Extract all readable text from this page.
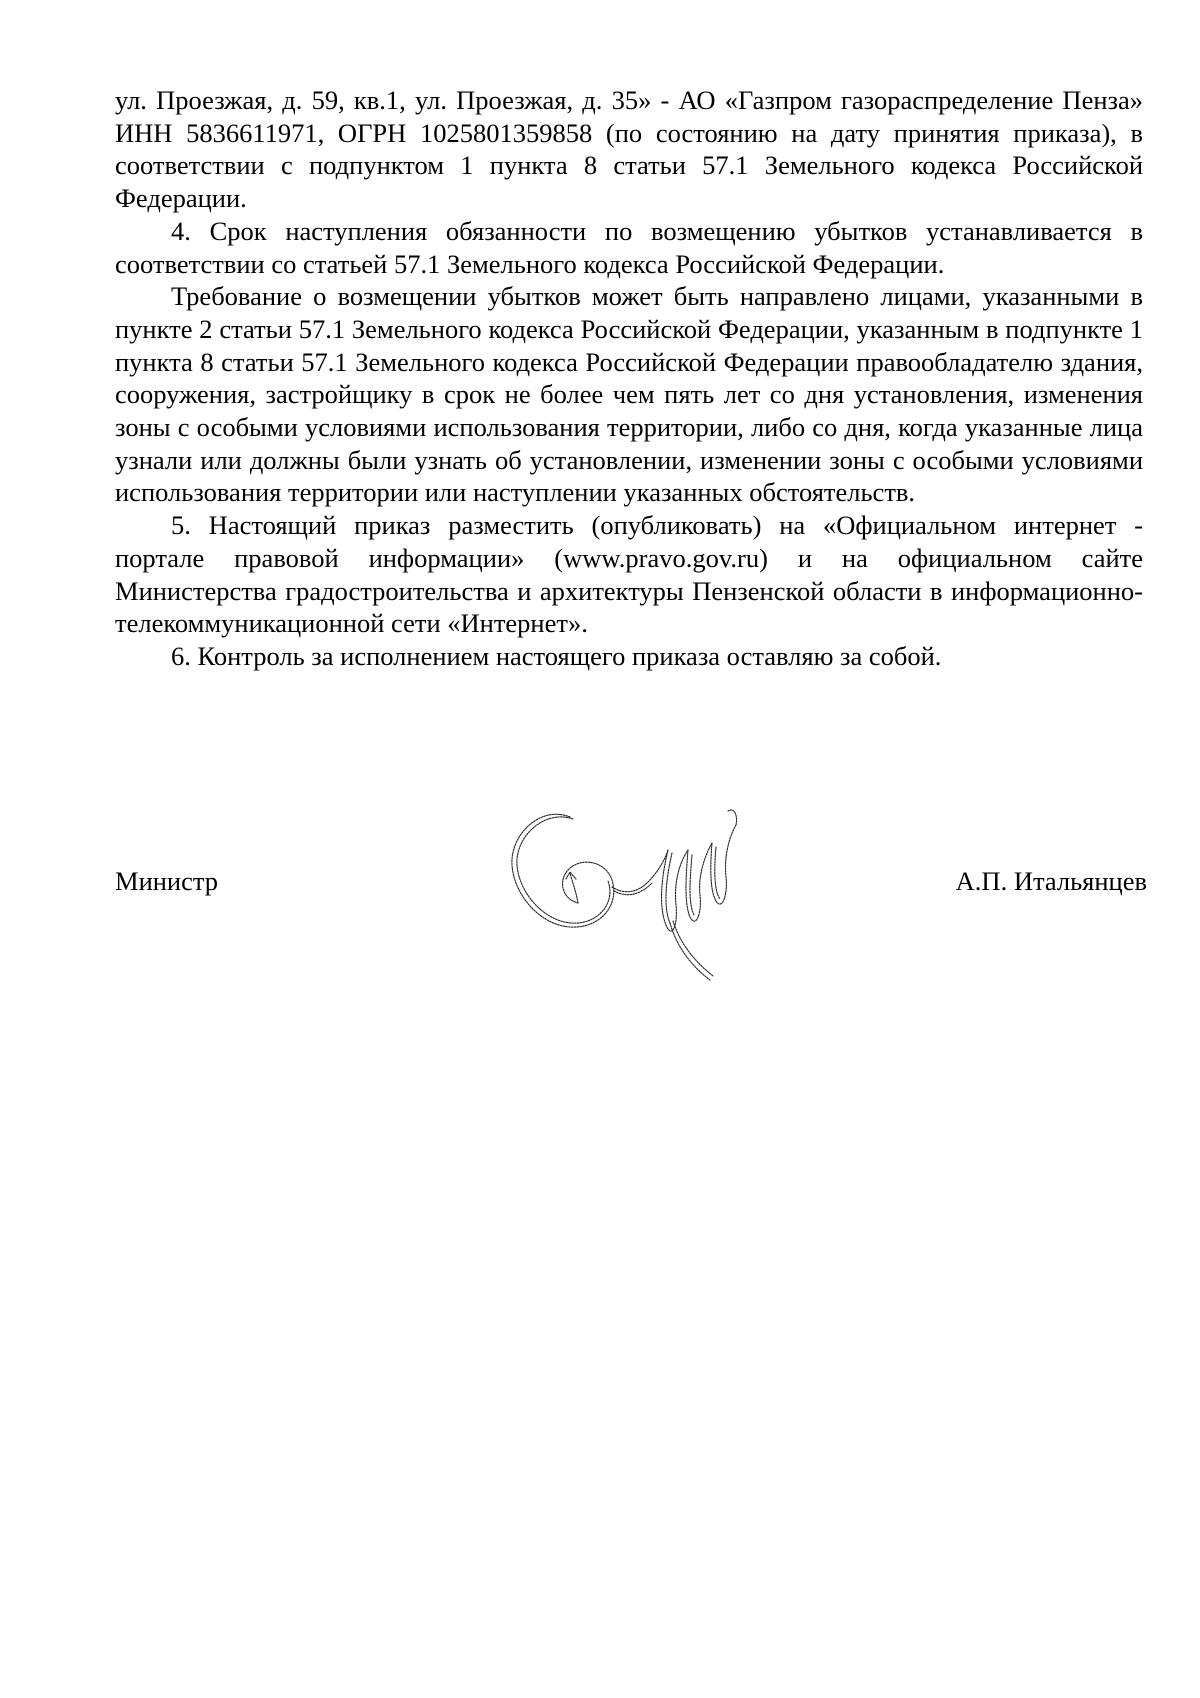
ул. Проезжая, д. 59, кв.1, ул. Проезжая, д. 35» - АО «Газпром газораспределение Пенза» ИНН 5836611971, ОГРН 1025801359858 (по состоянию на дату принятия приказа), в соответствии с подпунктом 1 пункта 8 статьи 57.1 Земельного кодекса Российской Федерации.

4. Срок наступления обязанности по возмещению убытков устанавливается в соответствии со статьей 57.1 Земельного кодекса Российской Федерации.

Требование о возмещении убытков может быть направлено лицами, указанными в пункте 2 статьи 57.1 Земельного кодекса Российской Федерации, указанным в подпункте 1 пункта 8 статьи 57.1 Земельного кодекса Российской Федерации правообладателю здания, сооружения, застройщику в срок не более чем пять лет со дня установления, изменения зоны с особыми условиями использования территории, либо со дня, когда указанные лица узнали или должны были узнать об установлении, изменении зоны с особыми условиями использования территории или наступлении указанных обстоятельств.

5. Настоящий приказ разместить (опубликовать) на «Официальном интернет - портале правовой информации» (www.pravo.gov.ru) и на официальном сайте Министерства градостроительства и архитектуры Пензенской области в информационно-телекоммуникационной сети «Интернет».

6. Контроль за исполнением настоящего приказа оставляю за собой.

Министр	А.П. Итальянцев
